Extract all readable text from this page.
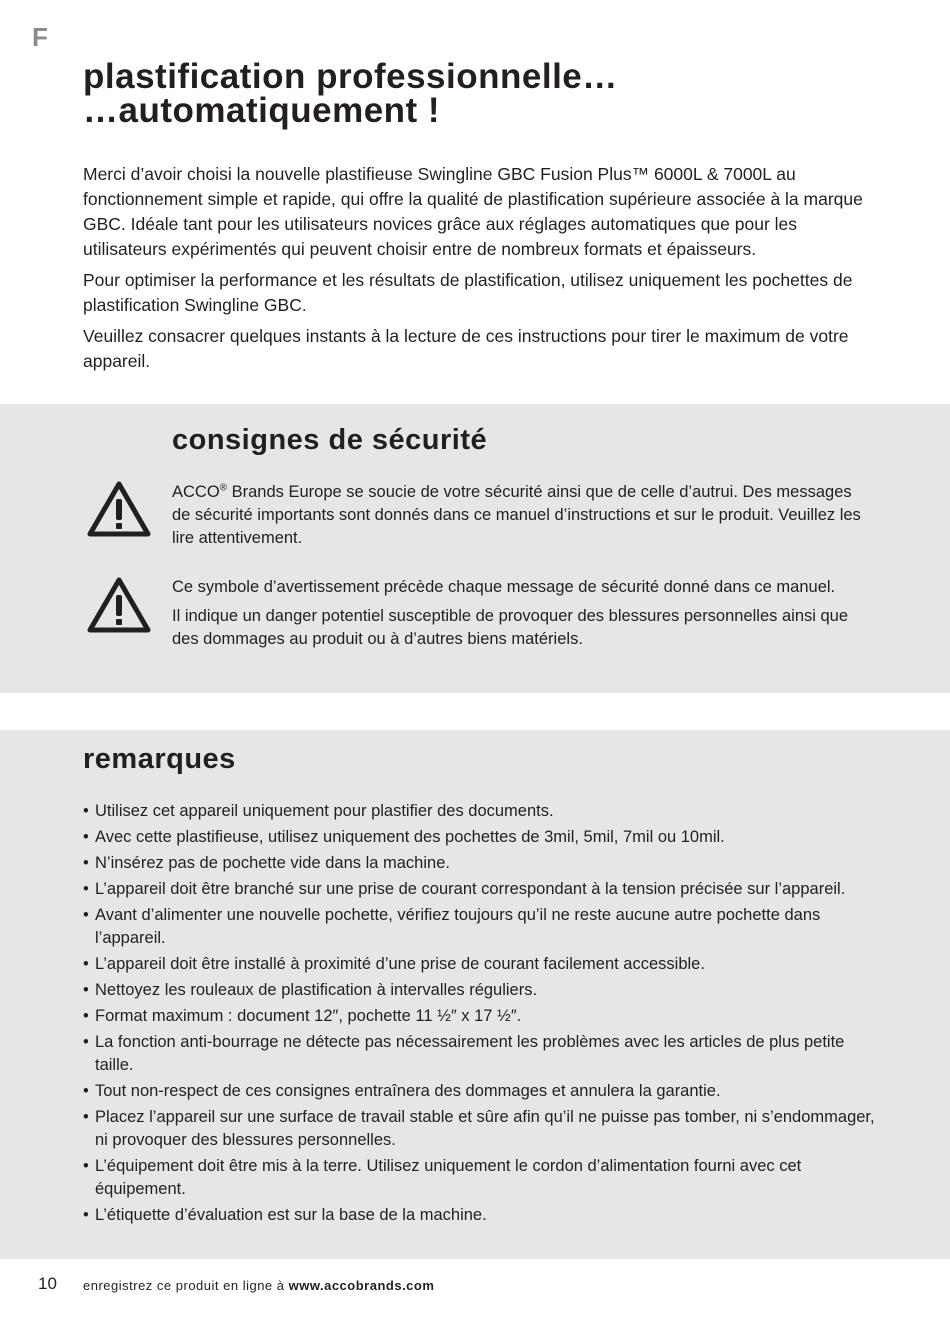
F
plastification professionnelle…
…automatiquement !

Merci d’avoir choisi la nouvelle plastifieuse Swingline GBC Fusion Plus™ 6000L & 7000L au fonctionnement simple et rapide, qui offre la qualité de plastification supérieure associée à la marque GBC. Idéale tant pour les utilisateurs novices grâce aux réglages automatiques que pour les utilisateurs expérimentés qui peuvent choisir entre de nombreux formats et épaisseurs.

Pour optimiser la performance et les résultats de plastification, utilisez uniquement les pochettes de plastification Swingline GBC.

Veuillez consacrer quelques instants à la lecture de ces instructions pour tirer le maximum de votre appareil.

consignes de sécurité

ACCO® Brands Europe se soucie de votre sécurité ainsi que de celle d’autrui. Des messages de sécurité importants sont donnés dans ce manuel d’instructions et sur le produit. Veuillez les lire attentivement.

Ce symbole d’avertissement précède chaque message de sécurité donné dans ce manuel.

Il indique un danger potentiel susceptible de provoquer des blessures personnelles ainsi que des dommages au produit ou à d’autres biens matériels.

remarques
• Utilisez cet appareil uniquement pour plastifier des documents.
• Avec cette plastifieuse, utilisez uniquement des pochettes de 3mil, 5mil, 7mil ou 10mil.
• N’insérez pas de pochette vide dans la machine.
• L’appareil doit être branché sur une prise de courant correspondant à la tension précisée sur l’appareil.
• Avant d’alimenter une nouvelle pochette, vérifiez toujours qu’il ne reste aucune autre pochette dans l’appareil.
• L’appareil doit être installé à proximité d’une prise de courant facilement accessible.
• Nettoyez les rouleaux de plastification à intervalles réguliers.
• Format maximum : document 12″, pochette 11 ½″ x 17 ½″.
• La fonction anti-bourrage ne détecte pas nécessairement les problèmes avec les articles de plus petite taille.
• Tout non-respect de ces consignes entraînera des dommages et annulera la garantie.
• Placez l’appareil sur une surface de travail stable et sûre afin qu’il ne puisse pas tomber, ni s’endommager, ni provoquer des blessures personnelles.
• L’équipement doit être mis à la terre. Utilisez uniquement le cordon d’alimentation fourni avec cet équipement.
• L’étiquette d’évaluation est sur la base de la machine.
10 enregistrez ce produit en ligne à www.accobrands.com
